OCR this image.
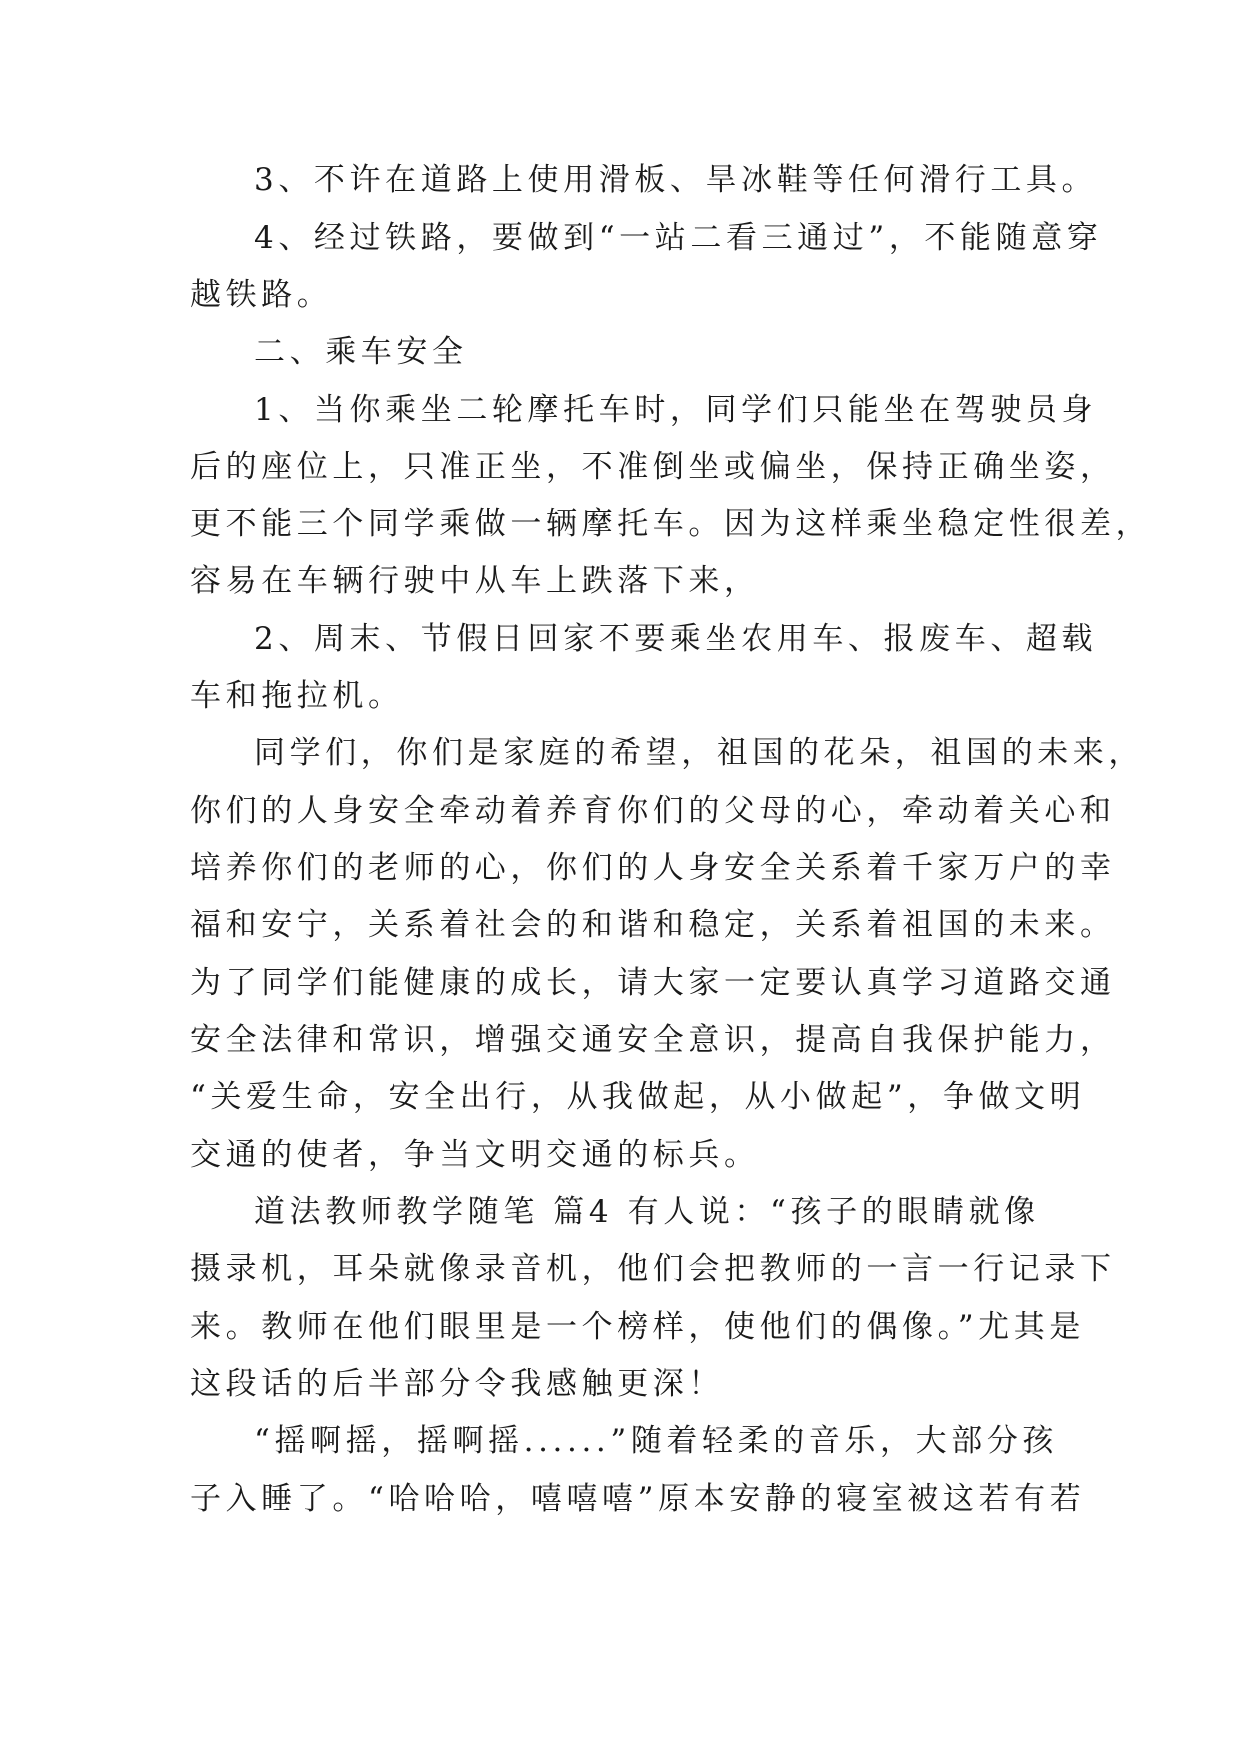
3、不许在道路上使用滑板、旱冰鞋等任何滑行工具。
4、经过铁路，要做到“一站二看三通过”，不能随意穿
越铁路。
二、乘车安全
1、当你乘坐二轮摩托车时，同学们只能坐在驾驶员身
后的座位上，只准正坐，不准倒坐或偏坐，保持正确坐姿，
更不能三个同学乘做一辆摩托车。因为这样乘坐稳定性很差，
容易在车辆行驶中从车上跌落下来，
2、周末、节假日回家不要乘坐农用车、报废车、超载
车和拖拉机。
同学们，你们是家庭的希望，祖国的花朵，祖国的未来，
你们的人身安全牵动着养育你们的父母的心，牵动着关心和
培养你们的老师的心，你们的人身安全关系着千家万户的幸
福和安宁，关系着社会的和谐和稳定，关系着祖国的未来。
为了同学们能健康的成长，请大家一定要认真学习道路交通
安全法律和常识，增强交通安全意识，提高自我保护能力，
“关爱生命，安全出行，从我做起，从小做起”，争做文明
交通的使者，争当文明交通的标兵。
道法教师教学随笔 篇4 有人说：“孩子的眼睛就像
摄录机，耳朵就像录音机，他们会把教师的一言一行记录下
来。教师在他们眼里是一个榜样，使他们的偶像。”尤其是
这段话的后半部分令我感触更深！
“摇啊摇，摇啊摇......”随着轻柔的音乐，大部分孩
子入睡了。“哈哈哈，嘻嘻嘻”原本安静的寝室被这若有若
